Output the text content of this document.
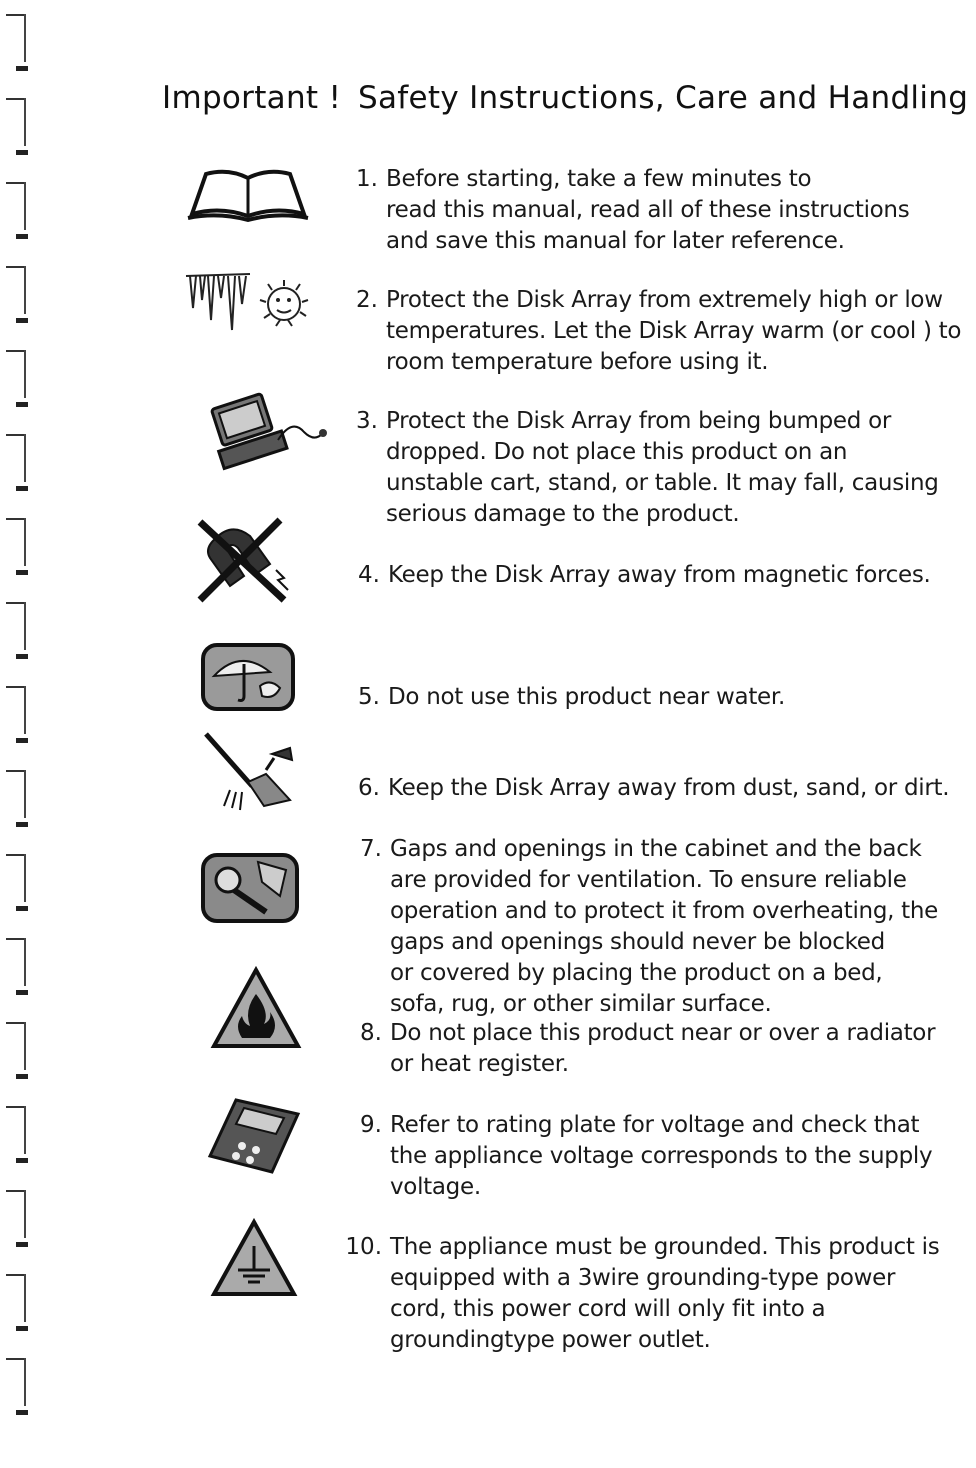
Important ! Safety Instructions, Care and Handling
1. Before starting, take a few minutes to
read this manual, read all of these instructions
and save this manual for later reference.
2. Protect the Disk Array from extremely high or low
temperatures. Let the Disk Array warm (or cool ) to
room temperature before using it.
3. Protect the Disk Array from being bumped or
dropped. Do not place this product on an
unstable cart, stand, or table. It may fall, causing
serious damage to the product.
4. Keep the Disk Array away from magnetic forces.
5. Do not use this product near water.
6. Keep the Disk Array away from dust, sand, or dirt.
7. Gaps and openings in the cabinet and the back
are provided for ventilation. To ensure reliable
operation and to protect it from overheating, the
gaps and openings should never be blocked
or covered by placing the product on a bed,
sofa, rug, or other similar surface.
8. Do not place this product near or over a radiator
or heat register.
9. Refer to rating plate for voltage and check that
the appliance voltage corresponds to the supply
voltage.
10. The appliance must be grounded. This product is
equipped with a 3wire grounding-type power
cord, this power cord will only fit into a
groundingtype power outlet.
